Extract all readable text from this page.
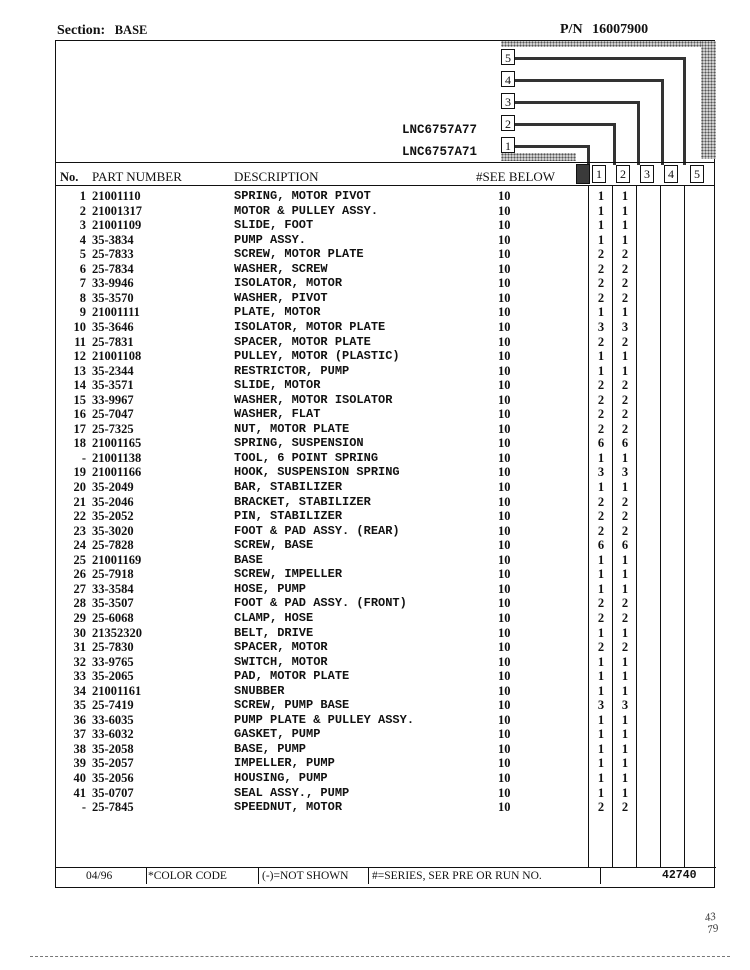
Section: BASE	P/N 16007900
5
4
3
2
1
LNC6757A77
LNC6757A71
No. PART NUMBER	DESCRIPTION	#SEE BELOW	1	2	3	4	5
1 21001110	SPRING, MOTOR PIVOT	10	1	1
2 21001317	MOTOR & PULLEY ASSY.	10	1	1
3 21001109	SLIDE, FOOT	10	1	1
4 35-3834	PUMP ASSY.	10	1	1
5 25-7833	SCREW, MOTOR PLATE	10	2	2
6 25-7834	WASHER, SCREW	10	2	2
7 33-9946	ISOLATOR, MOTOR	10	2	2
8 35-3570	WASHER, PIVOT	10	2	2
9 21001111	PLATE, MOTOR	10	1	1
10 35-3646	ISOLATOR, MOTOR PLATE	10	3	3
11 25-7831	SPACER, MOTOR PLATE	10	2	2
12 21001108	PULLEY, MOTOR (PLASTIC)	10	1	1
13 35-2344	RESTRICTOR, PUMP	10	1	1
14 35-3571	SLIDE, MOTOR	10	2	2
15 33-9967	WASHER, MOTOR ISOLATOR	10	2	2
16 25-7047	WASHER, FLAT	10	2	2
17 25-7325	NUT, MOTOR PLATE	10	2	2
18 21001165	SPRING, SUSPENSION	10	6	6
- 21001138	TOOL, 6 POINT SPRING	10	1	1
19 21001166	HOOK, SUSPENSION SPRING	10	3	3
20 35-2049	BAR, STABILIZER	10	1	1
21 35-2046	BRACKET, STABILIZER	10	2	2
22 35-2052	PIN, STABILIZER	10	2	2
23 35-3020	FOOT & PAD ASSY. (REAR)	10	2	2
24 25-7828	SCREW, BASE	10	6	6
25 21001169	BASE	10	1	1
26 25-7918	SCREW, IMPELLER	10	1	1
27 33-3584	HOSE, PUMP	10	1	1
28 35-3507	FOOT & PAD ASSY. (FRONT)	10	2	2
29 25-6068	CLAMP, HOSE	10	2	2
30 21352320	BELT, DRIVE	10	1	1
31 25-7830	SPACER, MOTOR	10	2	2
32 33-9765	SWITCH, MOTOR	10	1	1
33 35-2065	PAD, MOTOR PLATE	10	1	1
34 21001161	SNUBBER	10	1	1
35 25-7419	SCREW, PUMP BASE	10	3	3
36 33-6035	PUMP PLATE & PULLEY ASSY.	10	1	1
37 33-6032	GASKET, PUMP	10	1	1
38 35-2058	BASE, PUMP	10	1	1
39 35-2057	IMPELLER, PUMP	10	1	1
40 35-2056	HOUSING, PUMP	10	1	1
41 35-0707	SEAL ASSY., PUMP	10	1	1
- 25-7845	SPEEDNUT, MOTOR	10	2	2
04/96	*COLOR CODE	(-)=NOT SHOWN #=SERIES, SER PRE OR RUN NO.	42740
43 79
